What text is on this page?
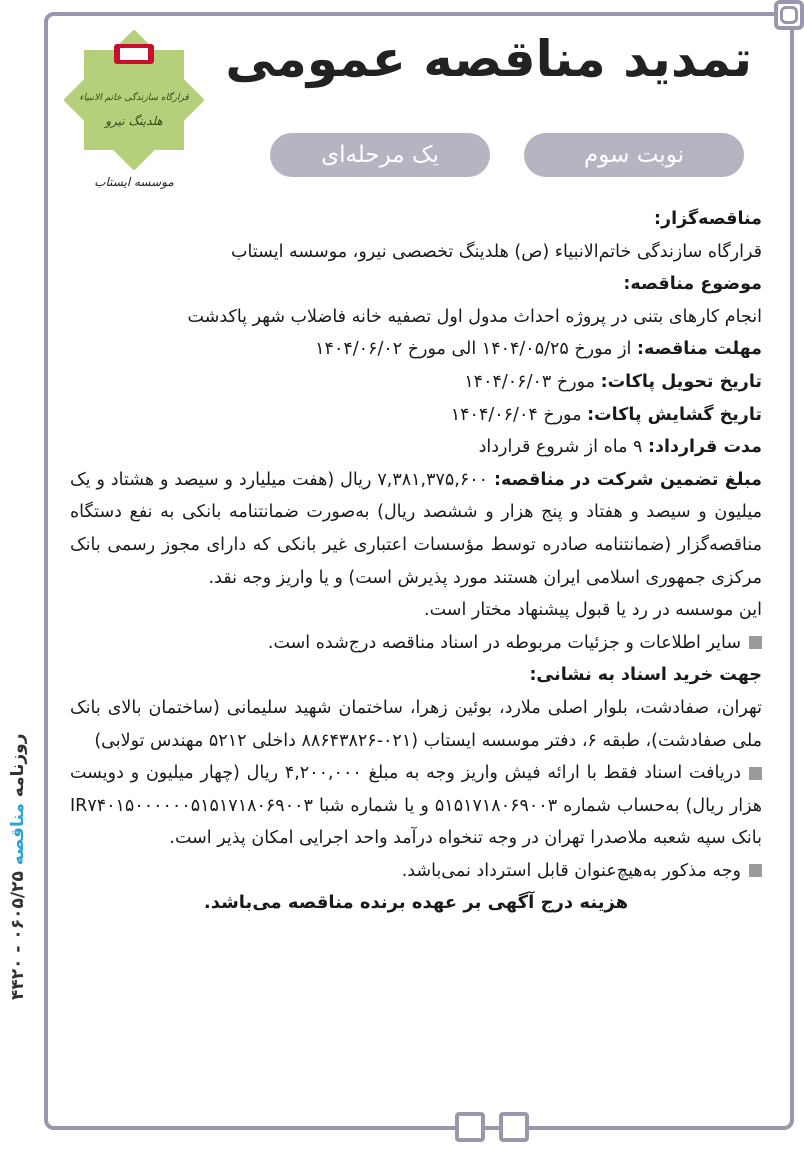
روزنامه مناقصه ۰۶۰۵/۲۵ - ۴۴۲۰
قرارگاه سازندگی خاتم الانبیاء
هلدینگ نیرو
موسسه ایستاب
تمدید مناقصه عمومی
نوبت سوم
یک مرحله‌ای

مناقصه‌گزار:

قرارگاه سازندگی خاتم‌الانبیاء (ص) هلدینگ تخصصی نیرو، موسسه ایستاب

موضوع مناقصه:

انجام کارهای بتنی در پروژه احداث مدول اول تصفیه خانه فاضلاب شهر پاکدشت

مهلت مناقصه: از مورخ ۱۴۰۴/۰۵/۲۵ الی مورخ ۱۴۰۴/۰۶/۰۲

تاریخ تحویل پاکات: مورخ ۱۴۰۴/۰۶/۰۳

تاریخ گشایش پاکات: مورخ ۱۴۰۴/۰۶/۰۴

مدت قرارداد: ۹ ماه از شروع قرارداد

مبلغ تضمین شرکت در مناقصه: ۷,۳۸۱,۳۷۵,۶۰۰ ریال (هفت میلیارد و سیصد و هشتاد و یک میلیون و سیصد و هفتاد و پنج هزار و ششصد ریال) به‌صورت ضمانتنامه بانکی به نفع دستگاه مناقصه‌گزار (ضمانتنامه صادره توسط مؤسسات اعتباری غیر بانکی که دارای مجوز رسمی بانک مرکزی جمهوری اسلامی ایران هستند مورد پذیرش است) و یا واریز وجه نقد.

این موسسه در رد یا قبول پیشنهاد مختار است.

سایر اطلاعات و جزئیات مربوطه در اسناد مناقصه درج‌شده است.

جهت خرید اسناد به نشانی:

تهران، صفادشت، بلوار اصلی ملارد، بوئین زهرا، ساختمان شهید سلیمانی (ساختمان بالای بانک ملی صفادشت)، طبقه ۶، دفتر موسسه ایستاب (۰۲۱-۸۸۶۴۳۸۲۶ داخلی ۵۲۱۲ مهندس تولابی)

دریافت اسناد فقط با ارائه فیش واریز وجه به مبلغ ۴,۲۰۰,۰۰۰ ریال (چهار میلیون و دویست هزار ریال) به‌حساب شماره ۵۱۵۱۷۱۸۰۶۹۰۰۳ و یا شماره شبا IR۷۴۰۱۵۰۰۰۰۰۰۵۱۵۱۷۱۸۰۶۹۰۰۳ بانک سپه شعبه ملاصدرا تهران در وجه تنخواه درآمد واحد اجرایی امکان پذیر است.

وجه مذکور به‌هیچ‌عنوان قابل استرداد نمی‌باشد.

هزینه درج آگهی بر عهده برنده مناقصه می‌باشد.
